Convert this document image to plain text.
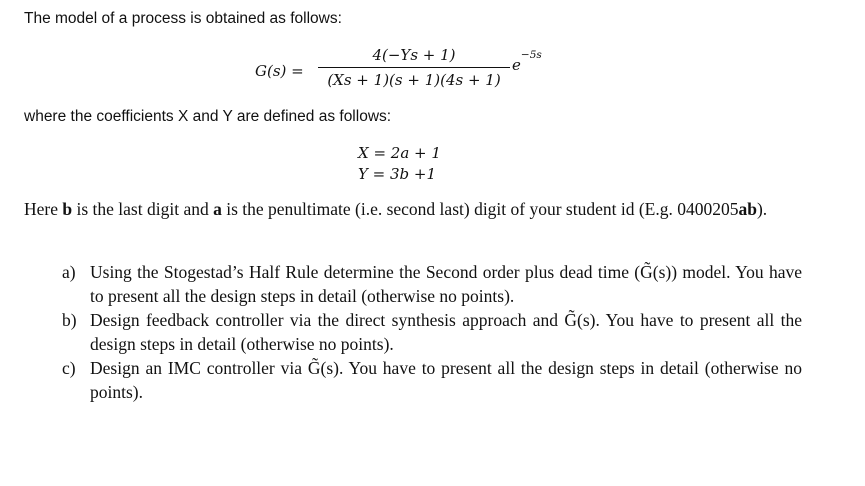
The model of a process is obtained as follows:
G(s) =
4(−Ys + 1)
(Xs + 1)(s + 1)(4s + 1)
$e^{-5s}$
where the coefficients X and Y are defined as follows:
X = 2a + 1
Y = 3b +1
Here b is the last digit and a is the penultimate (i.e. second last) digit of your student id (E.g. 0400205ab).
a) Using the Stogestad’s Half Rule determine the Second order plus dead time (G̃(s)) model. You have to present all the design steps in detail (otherwise no points).
b) Design feedback controller via the direct synthesis approach and G̃(s). You have to present all the design steps in detail (otherwise no points).
c) Design an IMC controller via G̃(s). You have to present all the design steps in detail (otherwise no points).
